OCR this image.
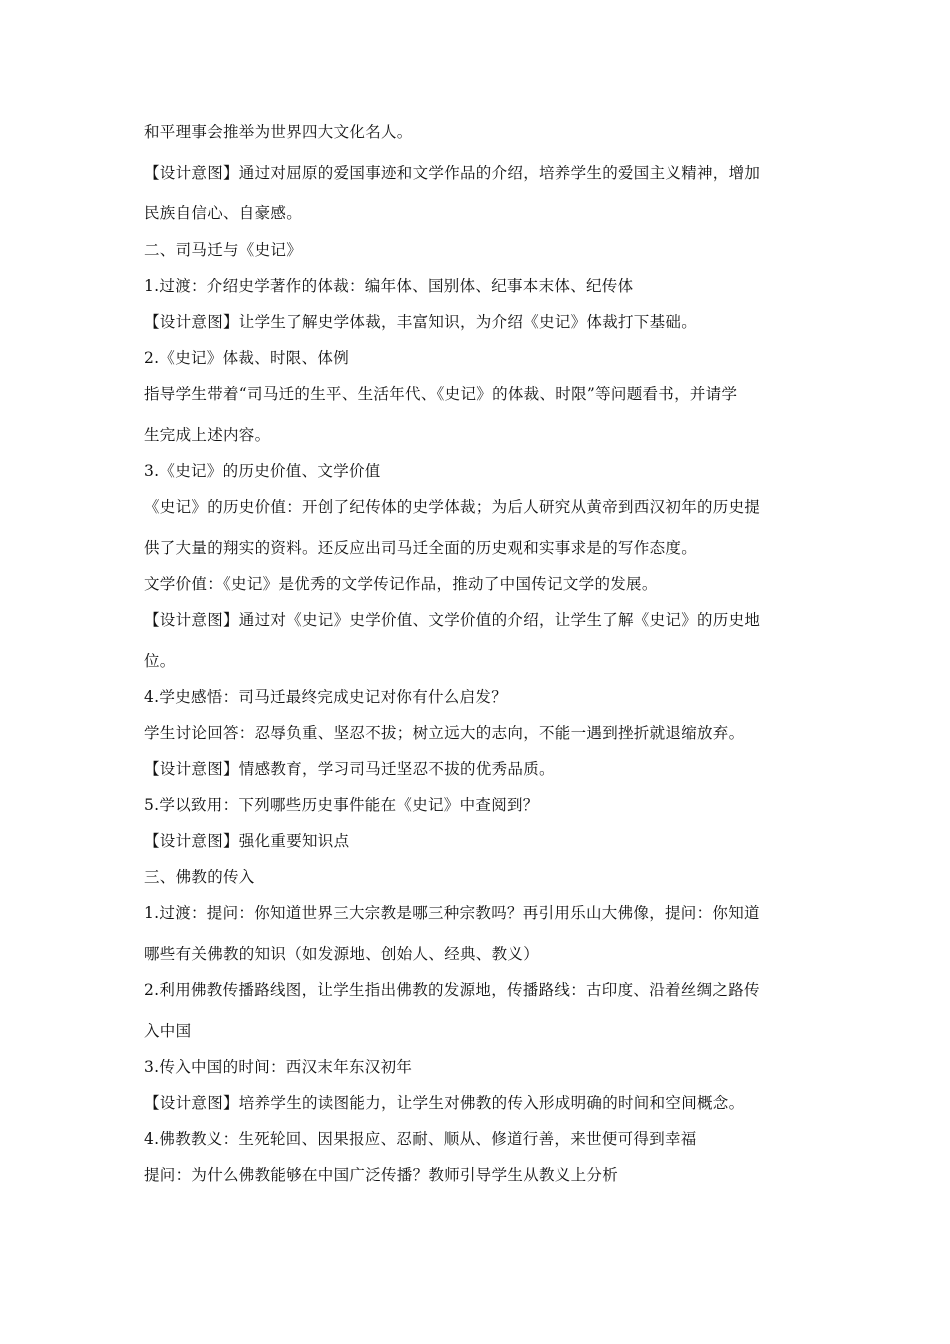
和平理事会推举为世界四大文化名人。
【设计意图】通过对屈原的爱国事迹和文学作品的介绍，培养学生的爱国主义精神，增加
民族自信心、自豪感。
二、司马迁与《史记》
1.过渡：介绍史学著作的体裁：编年体、国别体、纪事本末体、纪传体
【设计意图】让学生了解史学体裁，丰富知识，为介绍《史记》体裁打下基础。
2.《史记》体裁、时限、体例
指导学生带着“司马迁的生平、生活年代、《史记》的体裁、时限”等问题看书，并请学
生完成上述内容。
3.《史记》的历史价值、文学价值
《史记》的历史价值：开创了纪传体的史学体裁；为后人研究从黄帝到西汉初年的历史提
供了大量的翔实的资料。还反应出司马迁全面的历史观和实事求是的写作态度。
文学价值：《史记》是优秀的文学传记作品，推动了中国传记文学的发展。
【设计意图】通过对《史记》史学价值、文学价值的介绍，让学生了解《史记》的历史地
位。
4.学史感悟：司马迁最终完成史记对你有什么启发？
学生讨论回答：忍辱负重、坚忍不拔；树立远大的志向，不能一遇到挫折就退缩放弃。
【设计意图】情感教育，学习司马迁坚忍不拔的优秀品质。
5.学以致用：下列哪些历史事件能在《史记》中查阅到？
【设计意图】强化重要知识点
三、佛教的传入
1.过渡：提问：你知道世界三大宗教是哪三种宗教吗？再引用乐山大佛像，提问：你知道
哪些有关佛教的知识（如发源地、创始人、经典、教义）
2.利用佛教传播路线图，让学生指出佛教的发源地，传播路线：古印度、沿着丝绸之路传
入中国
3.传入中国的时间：西汉末年东汉初年
【设计意图】培养学生的读图能力，让学生对佛教的传入形成明确的时间和空间概念。
4.佛教教义：生死轮回、因果报应、忍耐、顺从、修道行善，来世便可得到幸福
提问：为什么佛教能够在中国广泛传播？教师引导学生从教义上分析
